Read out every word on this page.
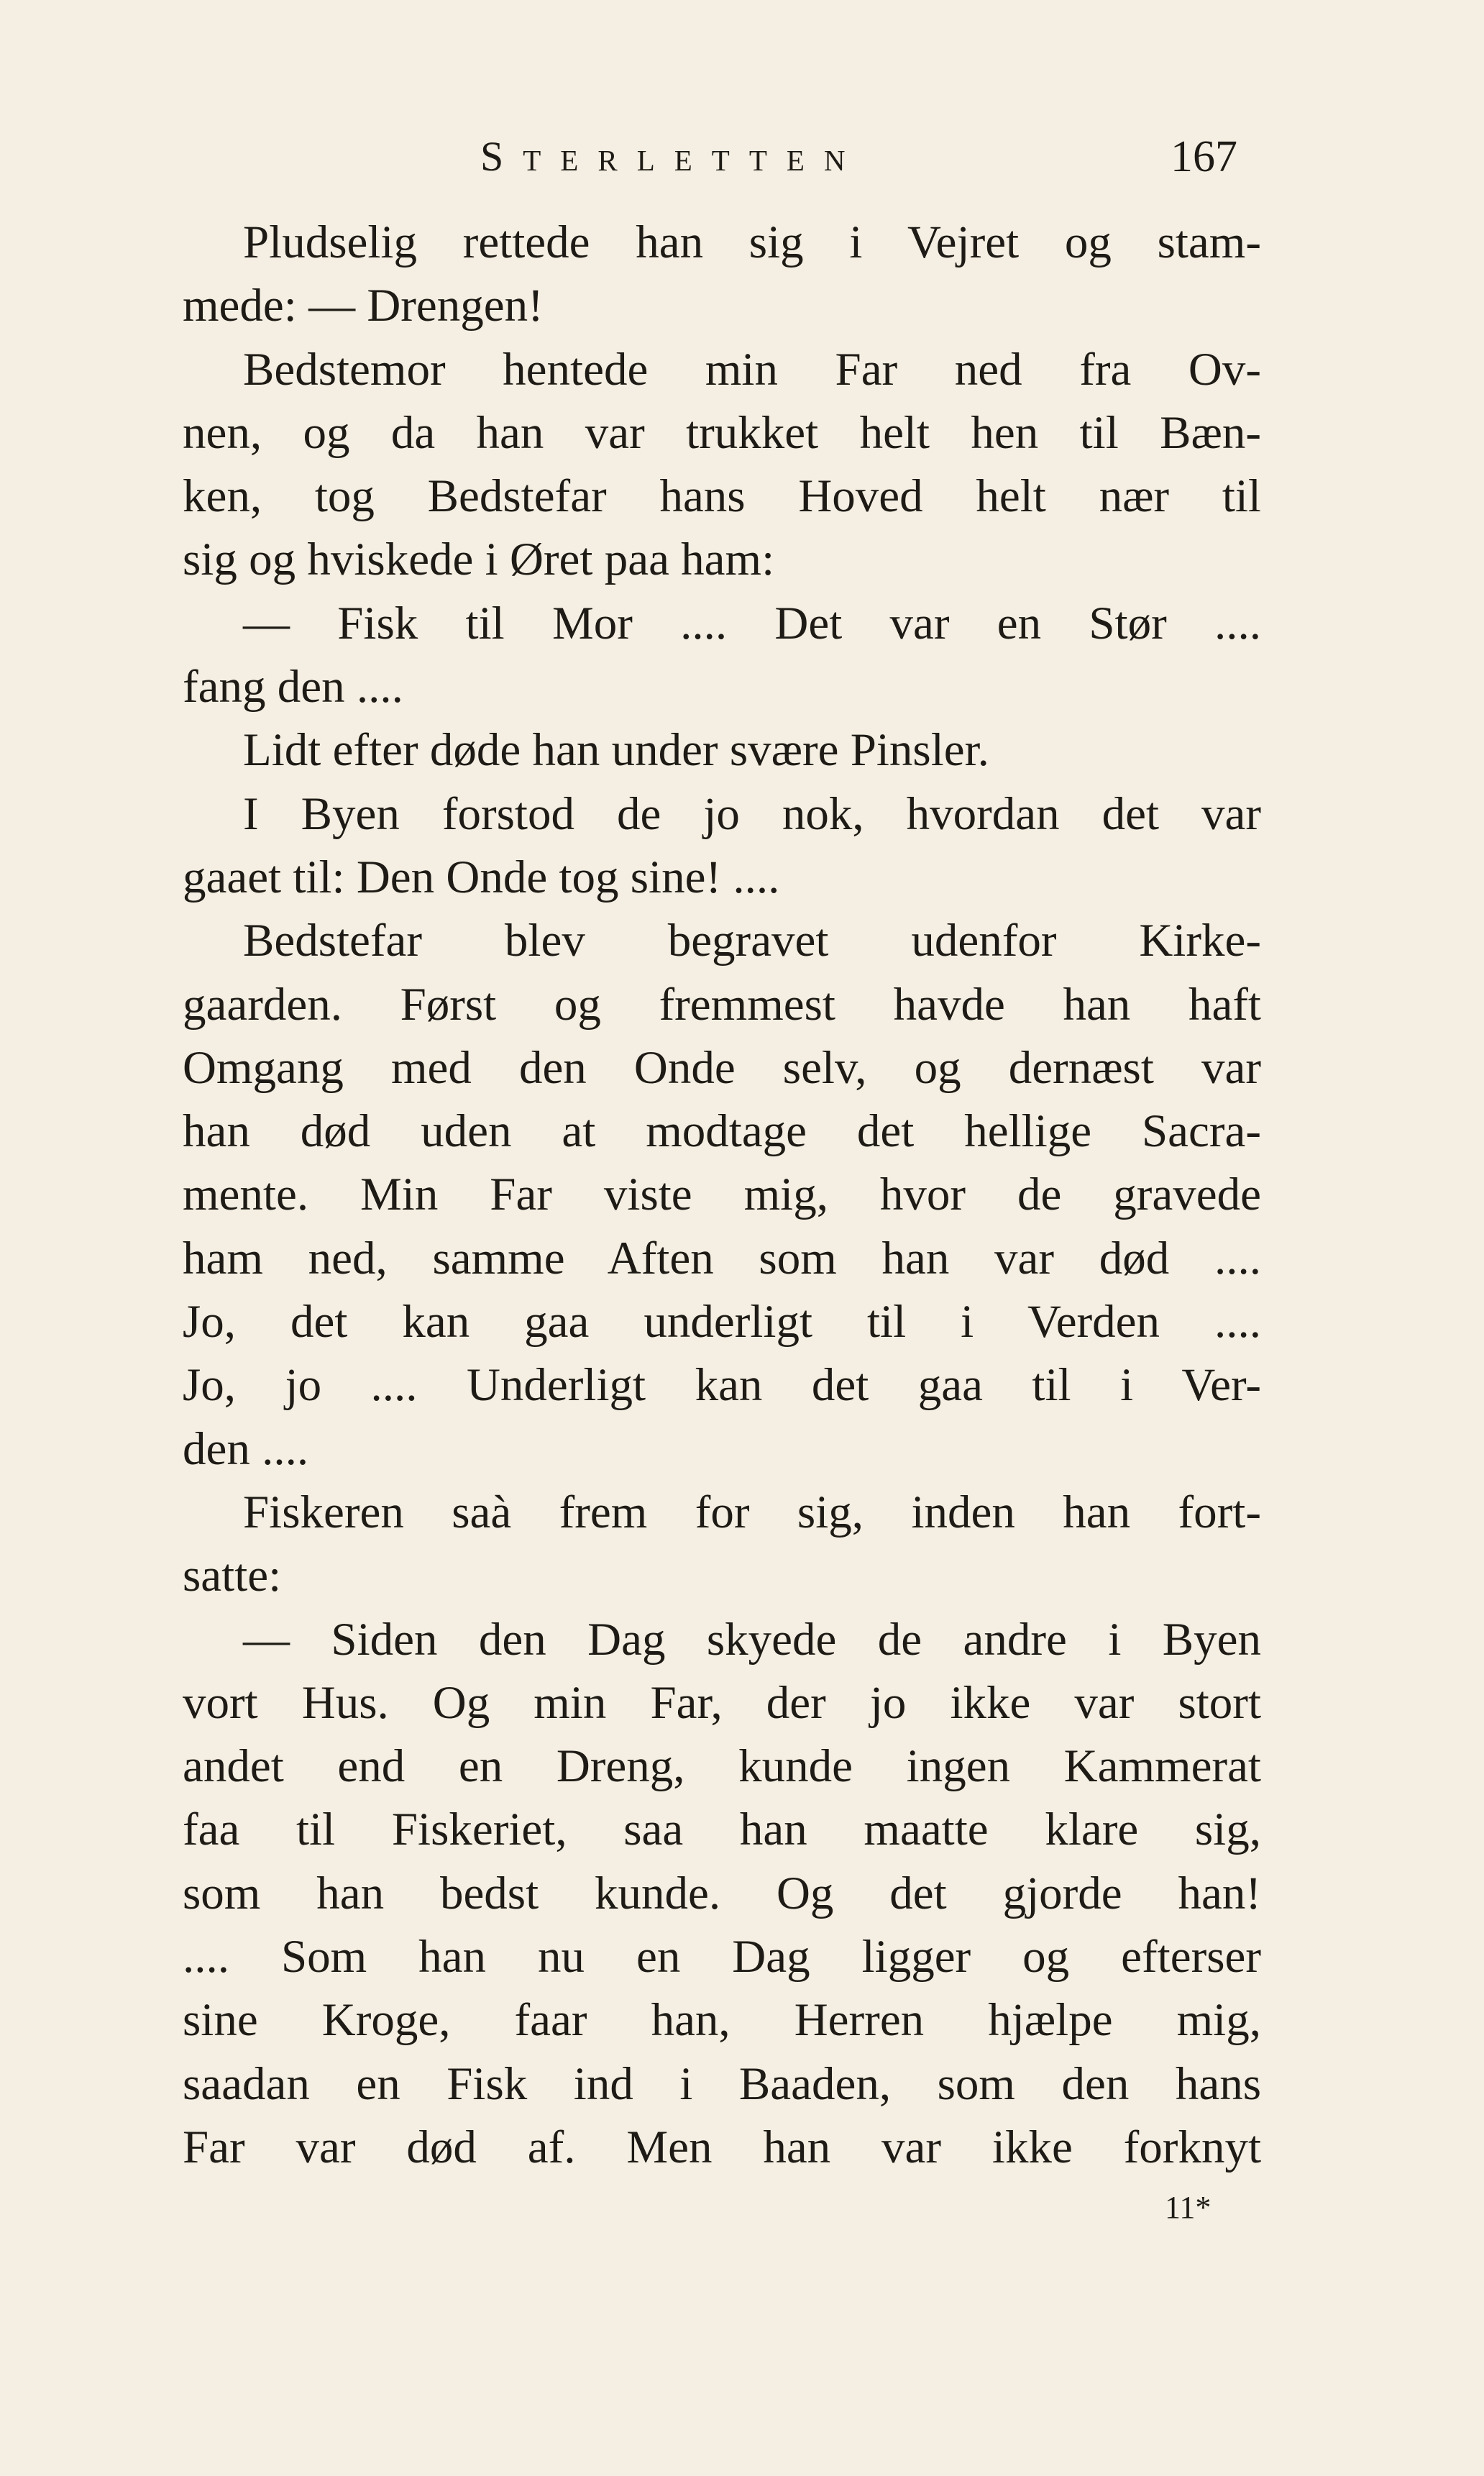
Sterletten	167
Pludselig rettede han sig i Vejret og stam-
mede: — Drengen!
Bedstemor hentede min Far ned fra Ov-
nen, og da han var trukket helt hen til Bæn-
ken, tog Bedstefar hans Hoved helt nær til
sig og hviskede i Øret paa ham:
— Fisk til Mor .... Det var en Stør ....
fang den ....
Lidt efter døde han under svære Pinsler.
I Byen forstod de jo nok, hvordan det var
gaaet til: Den Onde tog sine! ....
Bedstefar blev begravet udenfor Kirke-
gaarden. Først og fremmest havde han haft
Omgang med den Onde selv, og dernæst var
han død uden at modtage det hellige Sacra-
mente. Min Far viste mig, hvor de gravede
ham ned, samme Aften som han var død ....
Jo, det kan gaa underligt til i Verden ....
Jo, jo .... Underligt kan det gaa til i Ver-
den ....
Fiskeren saà frem for sig, inden han fort-
satte:
— Siden den Dag skyede de andre i Byen
vort Hus. Og min Far, der jo ikke var stort
andet end en Dreng, kunde ingen Kammerat
faa til Fiskeriet, saa han maatte klare sig,
som han bedst kunde. Og det gjorde han!
.... Som han nu en Dag ligger og efterser
sine Kroge, faar han, Herren hjælpe mig,
saadan en Fisk ind i Baaden, som den hans
Far var død af. Men han var ikke forknyt
11*
